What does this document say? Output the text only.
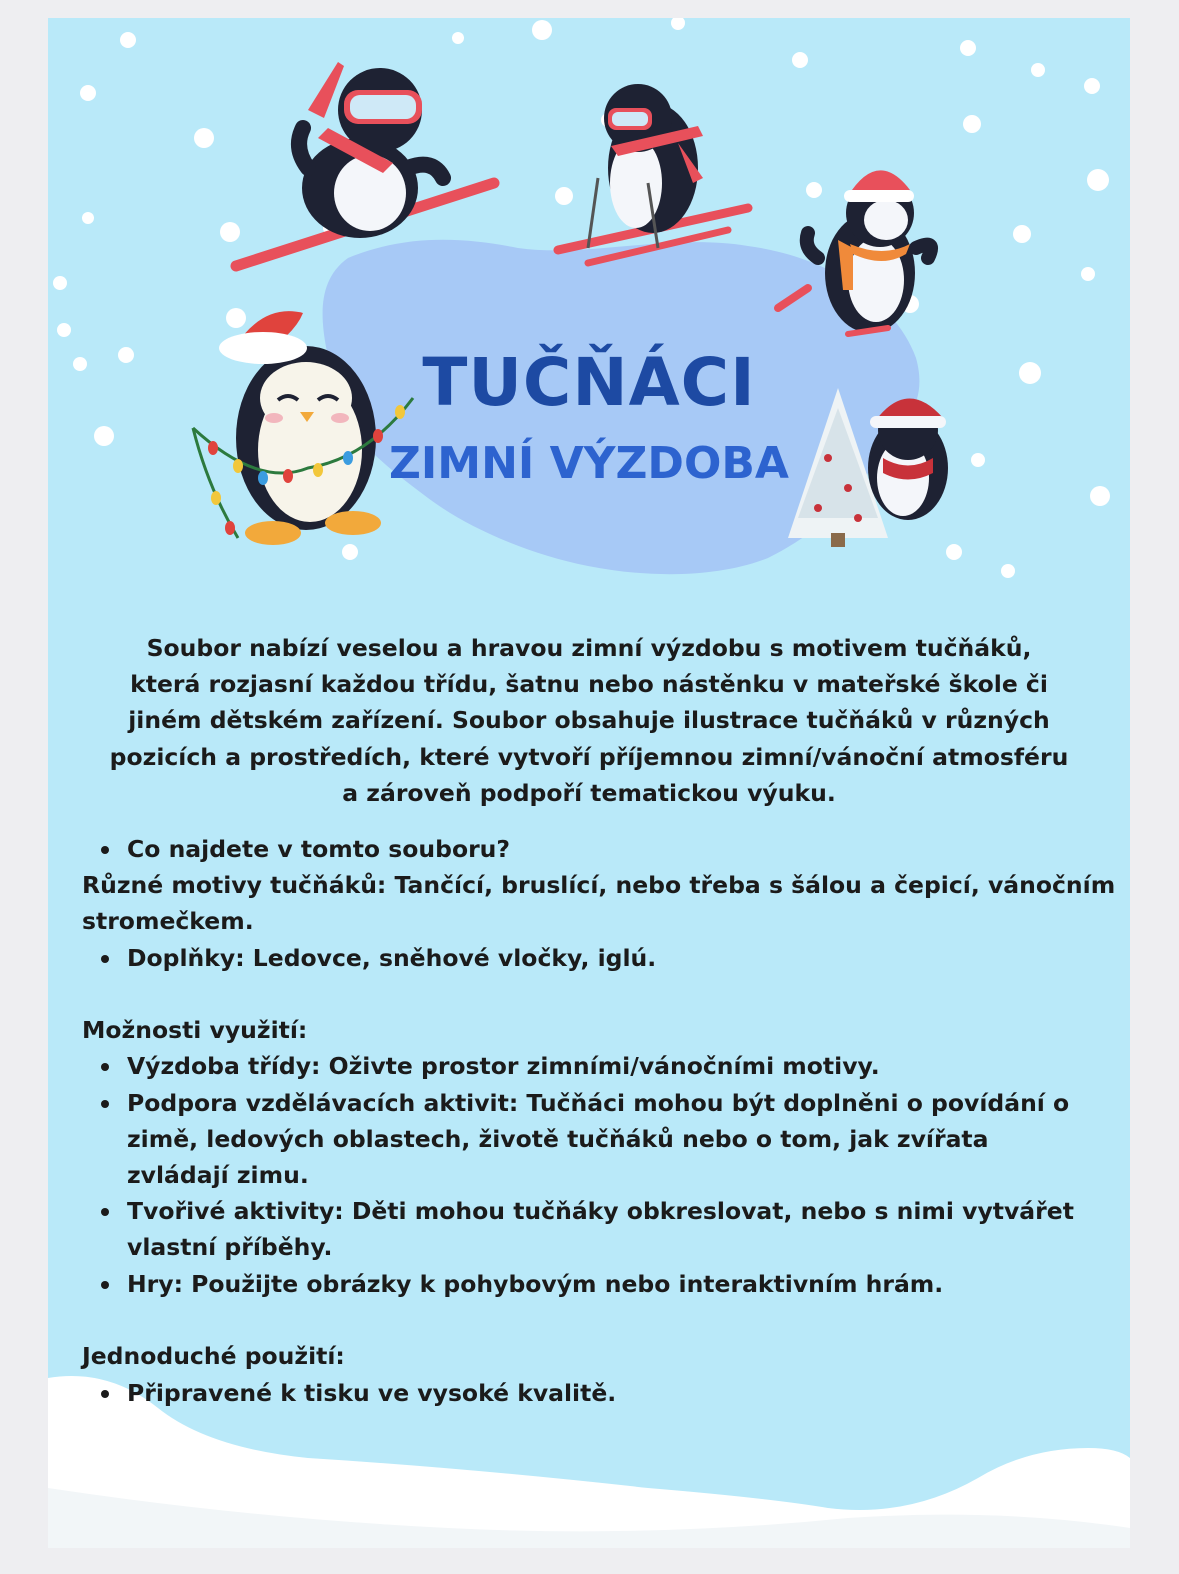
TUČŇÁCI
ZIMNÍ VÝZDOBA

Soubor nabízí veselou a hravou zimní výzdobu s motivem tučňáků, která rozjasní každou třídu, šatnu nebo nástěnku v mateřské škole či jiném dětském zařízení. Soubor obsahuje ilustrace tučňáků v různých pozicích a prostředích, které vytvoří příjemnou zimní/vánoční atmosféru a zároveň podpoří tematickou výuku.

Co najdete v tomto souboru?
Různé motivy tučňáků: Tančící, bruslící, nebo třeba s šálou a čepicí, vánočním
stromečkem.
Doplňky: Ledovce, sněhové vločky, iglú.
Možnosti využití:
Výzdoba třídy: Oživte prostor zimními/vánočními motivy.
Podpora vzdělávacích aktivit: Tučňáci mohou být doplněni o povídání o zimě, ledových oblastech, životě tučňáků nebo o tom, jak zvířata zvládají zimu.
Tvořivé aktivity: Děti mohou tučňáky obkreslovat, nebo s nimi vytvářet vlastní příběhy.
Hry: Použijte obrázky k pohybovým nebo interaktivním hrám.
Jednoduché použití:
Připravené k tisku ve vysoké kvalitě.
